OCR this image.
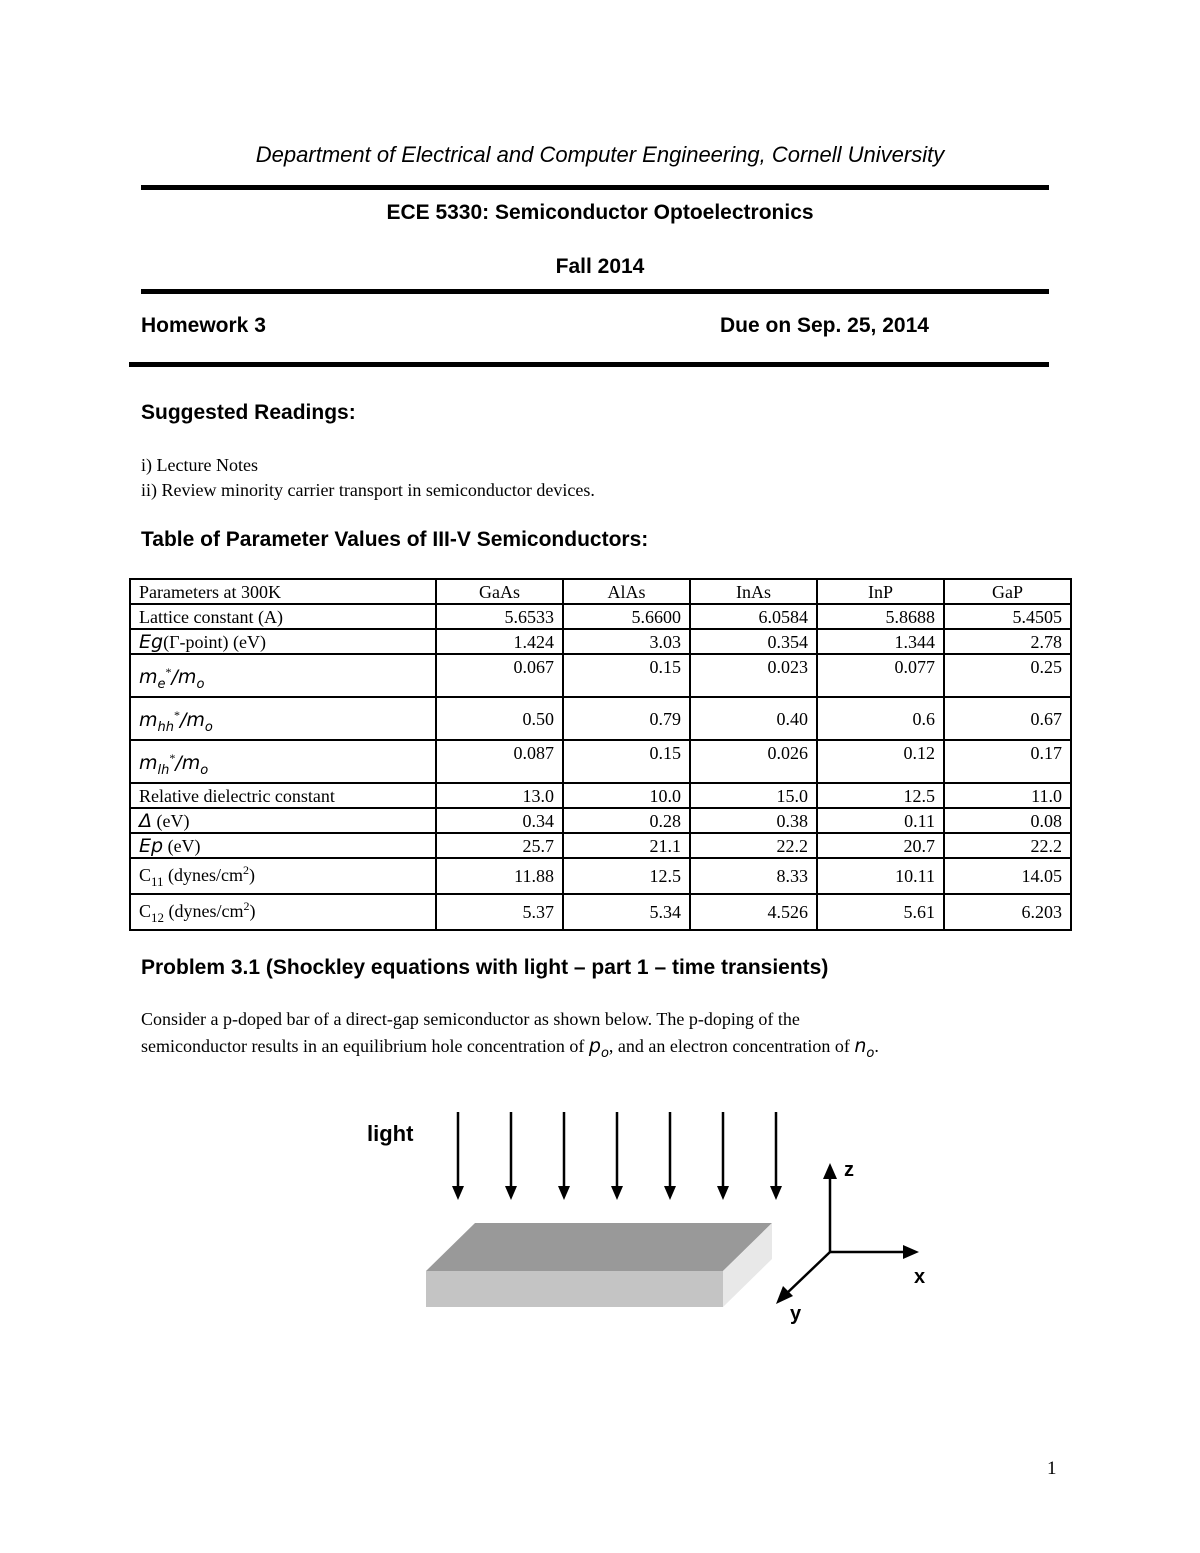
Department of Electrical and Computer Engineering, Cornell University
ECE 5330: Semiconductor Optoelectronics
Fall 2014
Homework 3	Due on Sep. 25, 2014
Suggested Readings:
i) Lecture Notes
ii) Review minority carrier transport in semiconductor devices.
Table of Parameter Values of III-V Semiconductors:
Parameters at 300K	GaAs	AlAs	InAs	InP	GaP
Lattice constant (A)	5.6533	5.6600	6.0584	5.8688	5.4505
Eg(Γ-point) (eV)	1.424	3.03	0.354	1.344	2.78
$m_e^*/m_o$	0.067	0.15	0.023	0.077	0.25
$m_{hh}^*/m_o$	0.50	0.79	0.40	0.6	0.67
$m_{lh}^*/m_o$	0.087	0.15	0.026	0.12	0.17
Relative dielectric constant	13.0	10.0	15.0	12.5	11.0
Δ (eV)	0.34	0.28	0.38	0.11	0.08
Ep (eV)	25.7	21.1	22.2	20.7	22.2
$C_{11}$ $(dynes/cm^2)$	11.88	12.5	8.33	10.11	14.05
$C_{12}$ $(dynes/cm^2)$	5.37	5.34	4.526	5.61	6.203
Problem 3.1 (Shockley equations with light – part 1 – time transients)
Consider a p-doped bar of a direct-gap semiconductor as shown below. The p-doping of the
semiconductor results in an equilibrium hole concentration of $p_o$, and an electron concentration of $n_o$.
light
z
x
y
1
